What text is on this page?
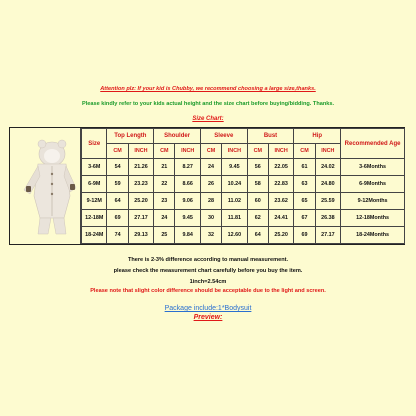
Attention plz: If your kid is Chubby, we recommend choosing a large size,thanks.
Please kindly refer to your kids actual height and the size chart before buying/bidding. Thanks.
Size Chart:
Size	Top Length		Shoulder		Sleeve		Bust		Hip		Recommended Age
	CM	INCH	CM	INCH	CM	INCH	CM	INCH	CM	INCH	
3-6M	54	21.26	21	8.27	24	9.45	56	22.05	61	24.02	3-6Months
6-9M	59	23.23	22	8.66	26	10.24	58	22.83	63	24.80	6-9Months
9-12M	64	25.20	23	9.06	28	11.02	60	23.62	65	25.59	9-12Months
12-18M	69	27.17	24	9.45	30	11.81	62	24.41	67	26.38	12-18Months
18-24M	74	29.13	25	9.84	32	12.60	64	25.20	69	27.17	18-24Months
There is 2-3% difference according to manual measurement.
please check the measurement chart carefully before you buy the item.
1inch=2.54cm
Please note that slight color difference should be acceptable due to the light and screen.
Package include:1*Bodysuit
Preview:
